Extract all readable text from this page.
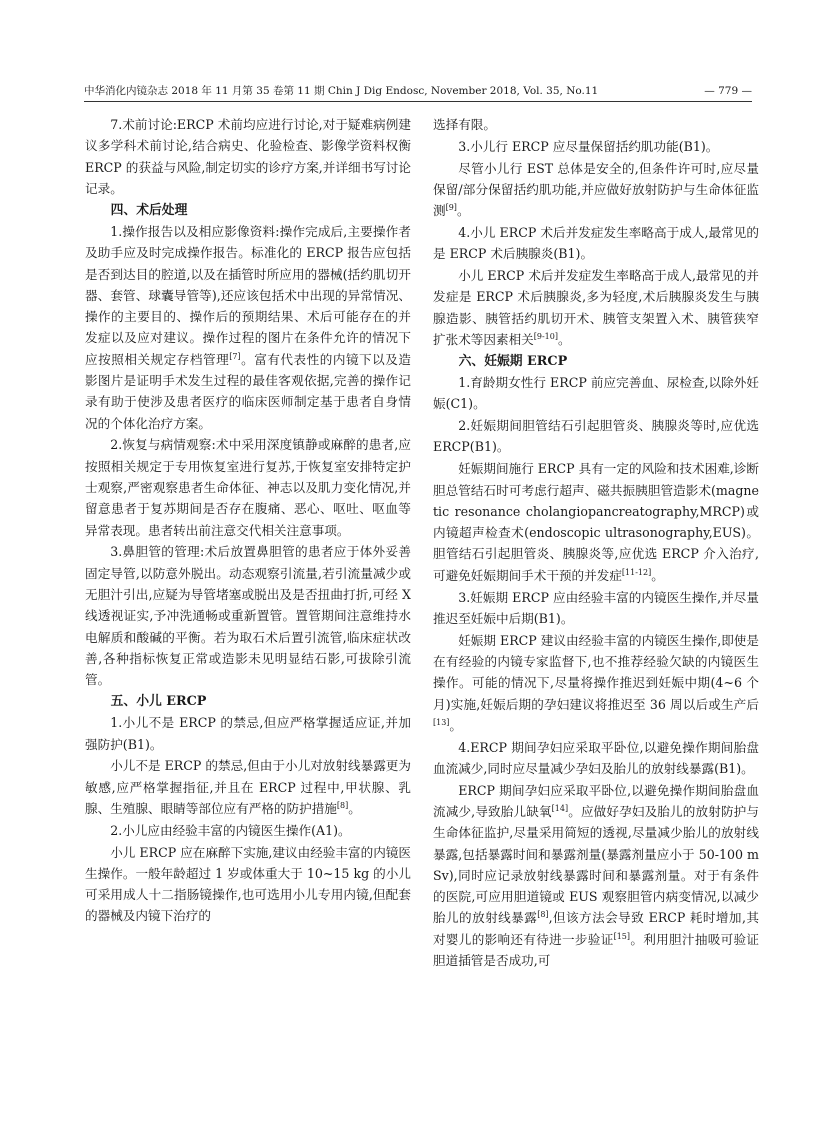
中华消化内镜杂志 2018 年 11 月第 35 卷第 11 期 Chin J Dig Endosc, November 2018, Vol. 35, No.11	— 779 —
7.术前讨论:ERCP 术前均应进行讨论,对于疑难病例建议多学科术前讨论,结合病史、化验检查、影像学资料权衡 ERCP 的获益与风险,制定切实的诊疗方案,并详细书写讨论记录。
四、术后处理
1.操作报告以及相应影像资料:操作完成后,主要操作者及助手应及时完成操作报告。标准化的 ERCP 报告应包括是否到达目的腔道,以及在插管时所应用的器械(括约肌切开器、套管、球囊导管等),还应该包括术中出现的异常情况、操作的主要目的、操作后的预期结果、术后可能存在的并发症以及应对建议。操作过程的图片在条件允许的情况下应按照相关规定存档管理[7]。富有代表性的内镜下以及造影图片是证明手术发生过程的最佳客观依据,完善的操作记录有助于使涉及患者医疗的临床医师制定基于患者自身情况的个体化治疗方案。
2.恢复与病情观察:术中采用深度镇静或麻醉的患者,应按照相关规定于专用恢复室进行复苏,于恢复室安排特定护士观察,严密观察患者生命体征、神志以及肌力变化情况,并留意患者于复苏期间是否存在腹痛、恶心、呕吐、呕血等异常表现。患者转出前注意交代相关注意事项。
3.鼻胆管的管理:术后放置鼻胆管的患者应于体外妥善固定导管,以防意外脱出。动态观察引流量,若引流量减少或无胆汁引出,应疑为导管堵塞或脱出及是否扭曲打折,可经 X 线透视证实,予冲洗通畅或重新置管。置管期间注意维持水电解质和酸碱的平衡。若为取石术后置引流管,临床症状改善,各种指标恢复正常或造影未见明显结石影,可拔除引流管。
五、小儿 ERCP
1.小儿不是 ERCP 的禁忌,但应严格掌握适应证,并加强防护(B1)。
小儿不是 ERCP 的禁忌,但由于小儿对放射线暴露更为敏感,应严格掌握指征,并且在 ERCP 过程中,甲状腺、乳腺、生殖腺、眼睛等部位应有严格的防护措施[8]。
2.小儿应由经验丰富的内镜医生操作(A1)。
小儿 ERCP 应在麻醉下实施,建议由经验丰富的内镜医生操作。一般年龄超过 1 岁或体重大于 10~15 kg 的小儿可采用成人十二指肠镜操作,也可选用小儿专用内镜,但配套的器械及内镜下治疗的
选择有限。
3.小儿行 ERCP 应尽量保留括约肌功能(B1)。
尽管小儿行 EST 总体是安全的,但条件许可时,应尽量保留/部分保留括约肌功能,并应做好放射防护与生命体征监测[9]。
4.小儿 ERCP 术后并发症发生率略高于成人,最常见的是 ERCP 术后胰腺炎(B1)。
小儿 ERCP 术后并发症发生率略高于成人,最常见的并发症是 ERCP 术后胰腺炎,多为轻度,术后胰腺炎发生与胰腺造影、胰管括约肌切开术、胰管支架置入术、胰管狭窄扩张术等因素相关[9-10]。
六、妊娠期 ERCP
1.育龄期女性行 ERCP 前应完善血、尿检查,以除外妊娠(C1)。
2.妊娠期间胆管结石引起胆管炎、胰腺炎等时,应优选 ERCP(B1)。
妊娠期间施行 ERCP 具有一定的风险和技术困难,诊断胆总管结石时可考虑行超声、磁共振胰胆管造影术(magnetic resonance cholangiopancreatography,MRCP)或内镜超声检查术(endoscopic ultrasonography,EUS)。胆管结石引起胆管炎、胰腺炎等,应优选 ERCP 介入治疗,可避免妊娠期间手术干预的并发症[11-12]。
3.妊娠期 ERCP 应由经验丰富的内镜医生操作,并尽量推迟至妊娠中后期(B1)。
妊娠期 ERCP 建议由经验丰富的内镜医生操作,即使是在有经验的内镜专家监督下,也不推荐经验欠缺的内镜医生操作。可能的情况下,尽量将操作推迟到妊娠中期(4~6 个月)实施,妊娠后期的孕妇建议将推迟至 36 周以后或生产后[13]。
4.ERCP 期间孕妇应采取平卧位,以避免操作期间胎盘血流减少,同时应尽量减少孕妇及胎儿的放射线暴露(B1)。
ERCP 期间孕妇应采取平卧位,以避免操作期间胎盘血流减少,导致胎儿缺氧[14]。应做好孕妇及胎儿的放射防护与生命体征监护,尽量采用简短的透视,尽量减少胎儿的放射线暴露,包括暴露时间和暴露剂量(暴露剂量应小于 50-100 mSv),同时应记录放射线暴露时间和暴露剂量。对于有条件的医院,可应用胆道镜或 EUS 观察胆管内病变情况,以减少胎儿的放射线暴露[8],但该方法会导致 ERCP 耗时增加,其对婴儿的影响还有待进一步验证[15]。利用胆汁抽吸可验证胆道插管是否成功,可
